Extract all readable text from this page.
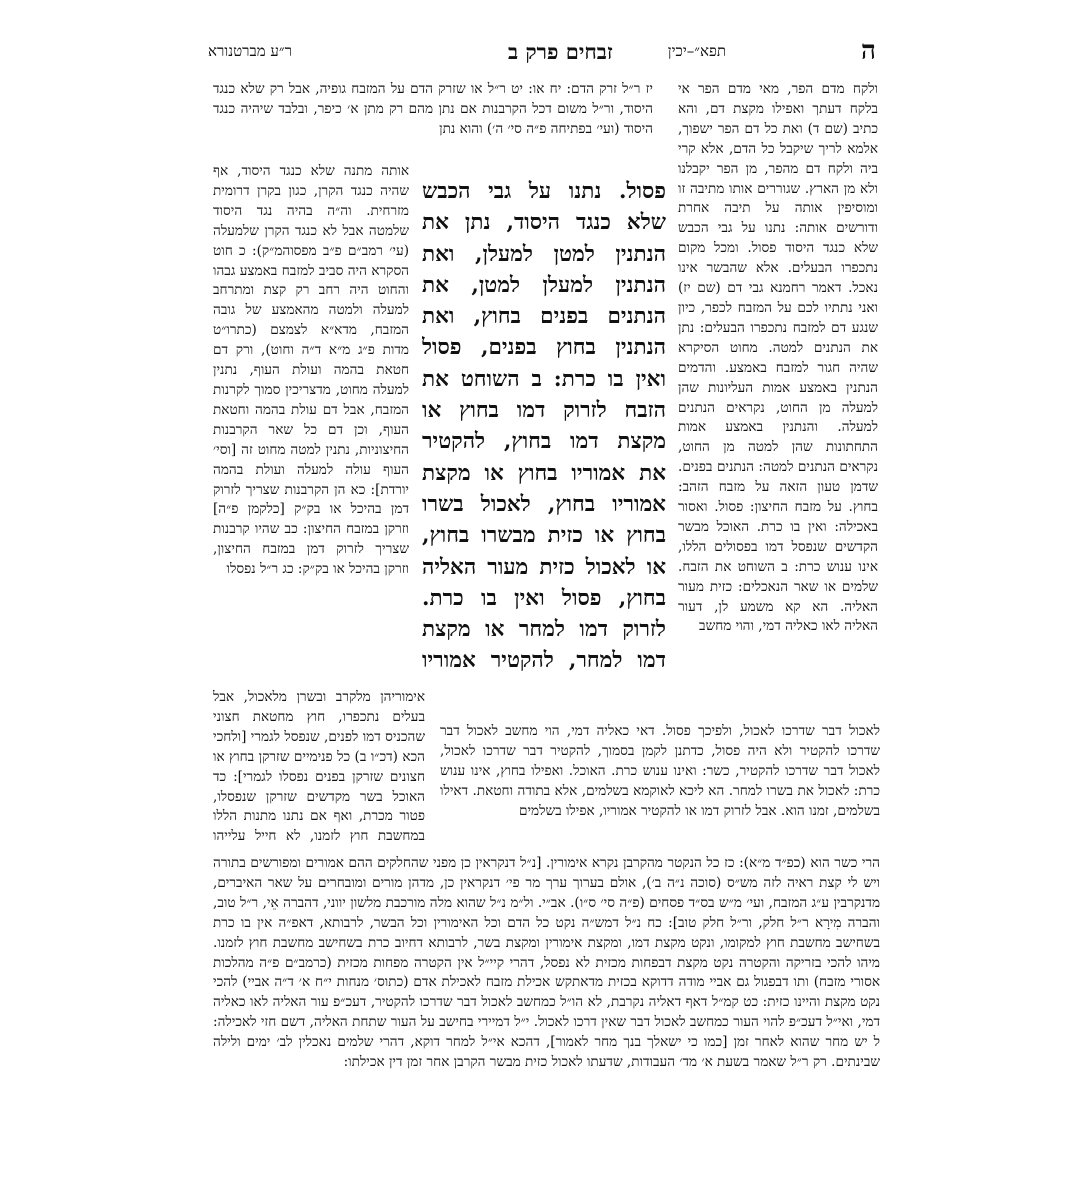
ה
תפא״–יכין
זבחים פרק ב
ר״ע מברטנורא

ולקח מדם הפר, מאי מדם הפר אי בלקח דעתך ואפילו מקצת דם, והא כתיב (שם ד) ואת כל דם הפר ישפוך, אלמא לריך שיקבל כל הדם, אלא קרי ביה ולקח דם מהפר, מן הפר יקבלנו ולא מן הארץ. שגוררים אותו מתיבה זו ומוסיפין אותה על תיבה אחרת ודורשים אותה: נתנו על גבי הכבש שלא כנגד היסוד פסול. ומכל מקום נתכפרו הבעלים. אלא שהבשר אינו נאכל. דאמר רחמנא גבי דם (שם יז) ואני נתתיו לכם על המזבח לכפר, כיון שנגע דם למזבח נתכפרו הבעלים: נתן את הנתנים למטה. מחוט הסיקרא שהיה חגור למזבח באמצע. והדמים הנתנין באמצע אמות העליונות שהן למעלה מן החוט, נקראים הנתנים למעלה. והנתנין באמצע אמות התחתונות שהן למטה מן החוט, נקראים הנתנים למטה: הנתנים בפנים. שדמן טעון הזאה על מזבח הזהב: בחוץ. על מזבח החיצון: פסול. ואסור באכילה: ואין בו כרת. האוכל מבשר הקדשים שנפסל דמו בפסולים הללו, אינו ענוש כרת: ב השוחט את הזבח. שלמים או שאר הנאכלים: כזית מעור האליה. הא קא משמע לן, דעור האליה לאו כאליה דמי, והוי מחשב

יז ר״ל זרק הדם: יח או: יט ר״ל או שזרק הדם על המזבח גופיה, אבל רק שלא כנגד היסוד, ור״ל משום דכל הקרבנות אם נתן מהם רק מתן א׳ כיפר, ובלבד שיהיה כנגד היסוד (ועי׳ בפתיחה פ״ה סי׳ ה׳) והוא נתן

אותה מתנה שלא כנגד היסוד, אף שהיה כנגד הקרן, כגון בקרן דרומית מזרחית. וה״ה בהיה נגד היסוד שלמטה אבל לא כנגד הקרן שלמעלה (עי׳ רמב״ם פ״ב מפסוהמ״ק): כ חוט הסקרא היה סביב למזבח באמצע גבהו והחוט היה רחב רק קצת ומתרחב למעלה ולמטה מהאמצע של גובה המזבח, מדא״א לצמצם (כתרו״ט מדות פ״ג מ״א ד״ה וחוט), ורק דם חטאת בהמה ועולת העוף, נתנין למעלה מחוט, מדצריכין סמוך לקרנות המזבח, אבל דם עולת בהמה וחטאת העוף, וכן דם כל שאר הקרבנות החיצוניות, נתנין למטה מחוט זה [וסי׳ העוף עולה למעלה ועולת בהמה יורדת]: כא הן הקרבנות שצריך לזרוק דמן בהיכל או בק״ק [כלקמן פ״ה] וזרקן במזבח החיצון: כב שהיו קרבנות שצריך לזרוק דמן במזבח החיצון, וזרקן בהיכל או בק״ק: כג ר״ל נפסלו

פסול. נתנו על גבי הכבש שלא כנגד היסוד, נתן את הנתנין למטן למעלן, ואת הנתנין למעלן למטן, את הנתנים בפנים בחוץ, ואת הנתנין בחוץ בפנים, פסול ואין בו כרת: ב השוחט את הזבח לזרוק דמו בחוץ או מקצת דמו בחוץ, להקטיר את אמוריו בחוץ או מקצת אמוריו בחוץ, לאכול בשרו בחוץ או כזית מבשרו בחוץ, או לאכול כזית מעור האליה בחוץ, פסול ואין בו כרת. לזרוק דמו למחר או מקצת דמו למחר, להקטיר אמוריו

אימוריהן מלקרב ובשרן מלאכול, אבל בעלים נתכפרו, חוץ מחטאת חצוני שהכניס דמו לפנים, שנפסל לגמרי [ולחכי הכא (דכ״ו ב) כל פנימיים שזרקן בחוץ או חצונים שזרקן בפנים נפסלו לגמרי]: כד האוכל בשר מקדשים שזרקן שנפסלו, פטור מכרת, ואף אם נתנו מתנות הללו במחשבת חוץ לזמנו, לא חייל עלייהו

לאכול דבר שדרכו לאכול, ולפיכך פסול. דאי כאליה דמי, הוי מחשב לאכול דבר שדרכו להקטיר ולא היה פסול, כדתנן לקמן בסמוך, להקטיר דבר שדרכו לאכול, לאכול דבר שדרכו להקטיר, כשר: ואינו ענוש כרת. האוכל. ואפילו בחוץ, אינו ענוש כרת: לאכול את בשרו למחר. הא ליכא לאוקמא בשלמים, אלא בתודה וחטאת. דאילו בשלמים, זמנו הוא. אבל לזרוק דמו או להקטיר אמוריו, אפילו בשלמים

הרי כשר הוא (כפ״ד מ״א): כז כל הנקטר מהקרבן נקרא אימורין. [נ״ל דנקראין כן מפני שהחלקים ההם אמורים ומפורשים בתורה ויש לי קצת ראיה לזה מש״ס (סוכה נ״ה ב׳), אולם בערוך ערך מר פי׳ דנקראין כן, מדהן מורים ומובחרים על שאר האיברים, מדנקרבין ע״ג המזבח, ועי׳ מ״ש בס״ד פסחים (פ״ה סי׳ ס״ו). אב״י. ול״מ נ״ל שהוא מלה מורכבת מלשון יווני, דהברה אֵי, ר״ל טוב, והברה מִירָא ר״ל חלק, ור״ל חלק טוב]: כח נ״ל דמש״ה נקט כל הדם וכל האימורין וכל הבשר, לרבותא, דאפ״ה אין בו כרת בשחישב מחשבת חוץ למקומו, ונקט מקצת דמו, ומקצת אימורין ומקצת בשר, לרבותא דחיוב כרת בשחישב מחשבת חוץ לזמנו. מיהו להכי בזריקה והקטרה נקט מקצת דבפחות מכזית לא נפסל, דהרי קיי״ל אין הקטרה מפחות מכזית (כרמב״ם פ״ה מהלכות אסורי מזבח) ותו דבפגול גם אביי מודה דדוקא בכזית מדאתקש אכילת מזבח לאכילת אדם (כתוס׳ מנחות י״ח א׳ ד״ה אביי) להכי נקט מקצת והיינו כזית: כט קמ״ל דאף דאליה נקרבת, לא הו״ל כמחשב לאכול דבר שדרכו להקטיר, דעכ״פ עור האליה לאו כאליה דמי, ואי״ל דעכ״פ להוי העור כמחשב לאכול דבר שאין דרכו לאכול. י״ל דמיירי בחישב על העור שתחת האליה, דשם חזי לאכילה: ל יש מחר שהוא לאחר זמן [כמו כי ישאלך בנך מחר לאמור], דהכא אי״ל למחר דוקא, דהרי שלמים נאכלין לב׳ ימים ולילה שבינתים. רק ר״ל שאמר בשעת א׳ מד׳ העבודות, שדעתו לאכול כזית מבשר הקרבן אחר זמן דין אכילתו:
